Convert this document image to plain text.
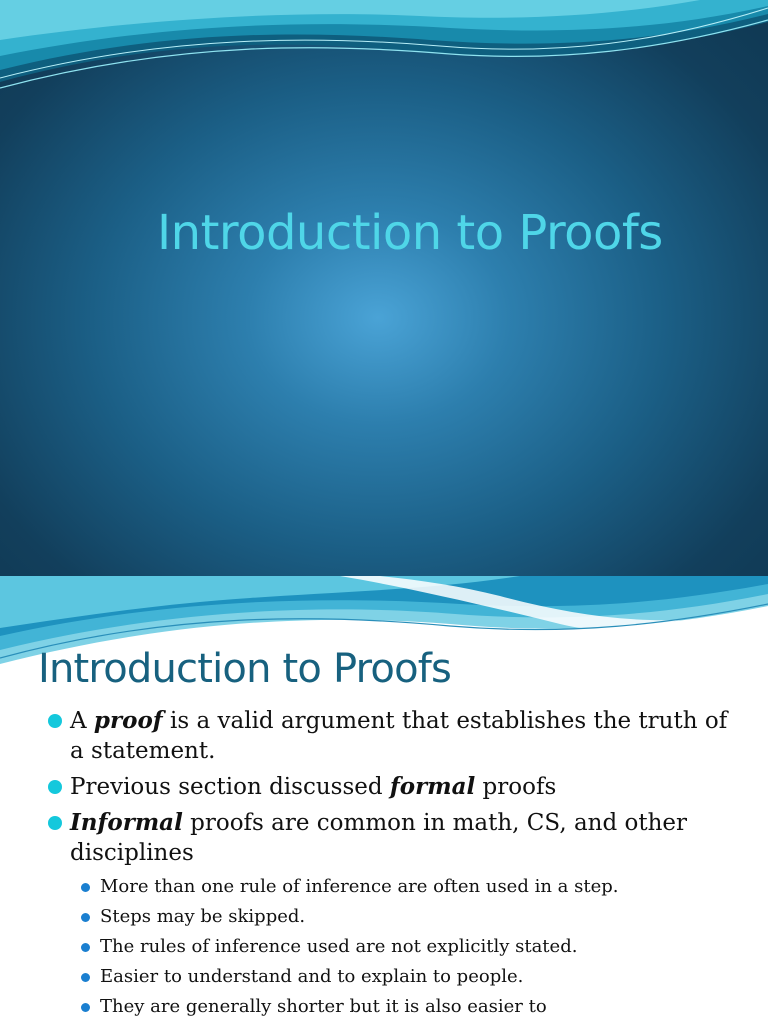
Introduction to Proofs
Introduction to Proofs
A proof is a valid argument that establishes the truth of a statement.
Previous section discussed formal proofs
Informal proofs are common in math, CS, and other disciplines
More than one rule of inference are often used in a step.
Steps may be skipped.
The rules of inference used are not explicitly stated.
Easier to understand and to explain to people.
They are generally shorter but it is also easier to
